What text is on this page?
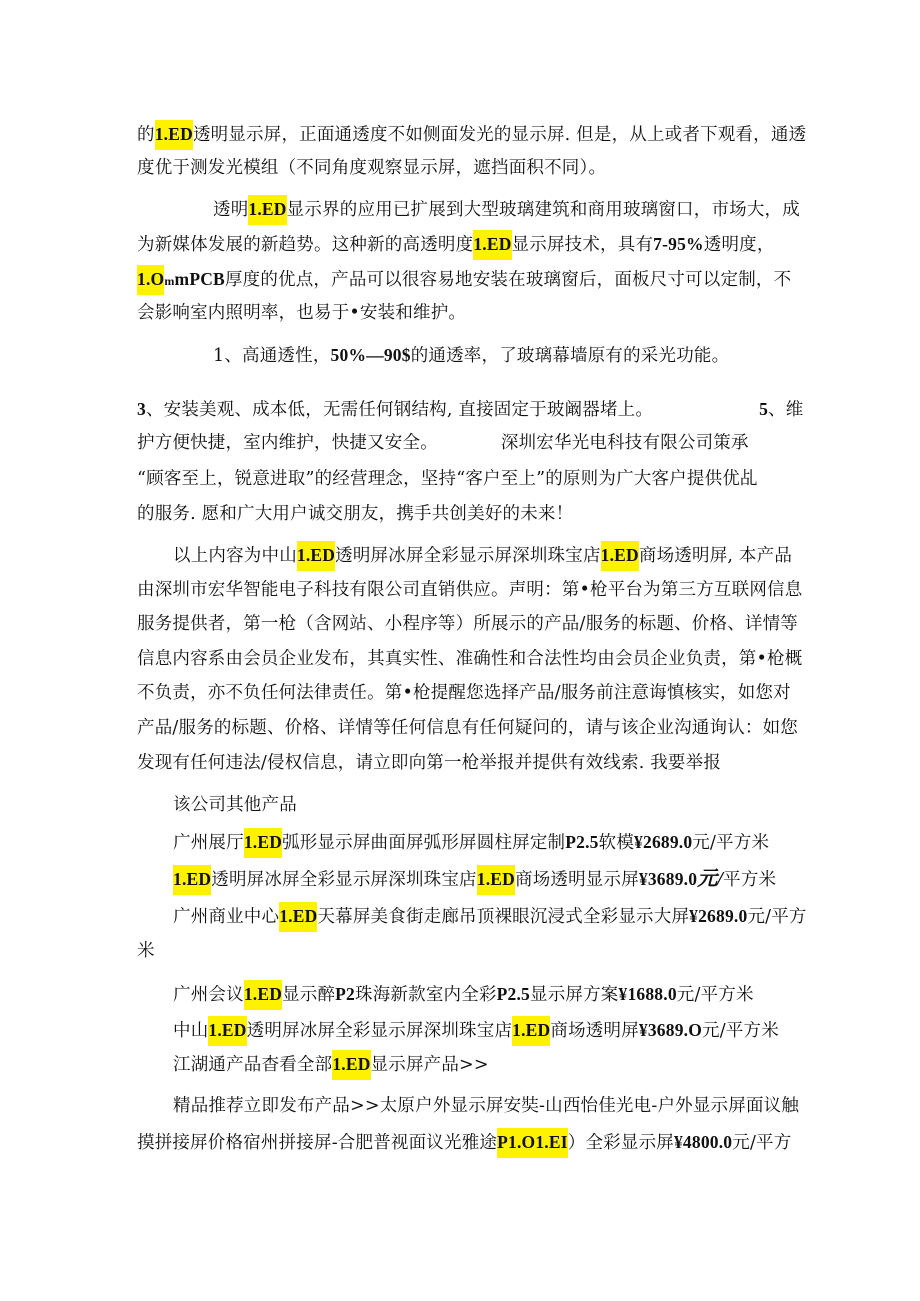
的1.ED透明显示屏，正面通透度不如侧面发光的显示屏. 但是，从上或者下观看，通透
度优于测发光模组（不同角度观察显示屏，遮挡面积不同）。
透明1.ED显示界的应用已扩展到大型玻璃建筑和商用玻璃窗口，市场大，成
为新媒体发展的新趋势。这种新的高透明度1.ED显示屏技术，具有7-95%透明度，
1.OmmPCB厚度的优点，产品可以很容易地安装在玻璃窗后，面板尺寸可以定制，不
会影响室内照明率，也易于•安装和维护。
1、高通透性，50%—90$的通透率，了玻璃幕墙原有的采光功能。
3、安装美观、成本低，无需任何钢结构, 直接固定于玻阚器堵上。	5、维
护方便快捷，室内维护，快捷又安全。	深圳宏华光电科技有限公司策承
“顾客至上，锐意进取”的经营理念，坚持“客户至上”的原则为广大客户提供优乩
的服务. 愿和广大用户诚交朋友，携手共创美好的未来！
以上内容为中山1.ED透明屏冰屏全彩显示屏深圳珠宝店1.ED商场透明屏, 本产品
由深圳市宏华智能电子科技有限公司直销供应。声明：第•枪平台为第三方互联网信息
服务提供者，第一枪（含网站、小程序等）所展示的产品/服务的标题、价格、详情等
信息内容系由会员企业发布，其真实性、准确性和合法性均由会员企业负责，第•枪概
不负责，亦不负任何法律责任。第•枪提醒您选择产品/服务前注意诲慎核实，如您对
产品/服务的标题、价格、详情等任何信息有任何疑问的，请与该企业沟通询认：如您
发现有任何违法/侵权信息，请立即向第一枪举报并提供有效线索. 我要举报
该公司其他产品
广州展厅1.ED弧形显示屏曲面屏弧形屏圆柱屏定制P2.5软模¥2689.0元/平方米
1.ED透明屏冰屏全彩显示屏深圳珠宝店1.ED商场透明显示屏¥3689.0元/平方米
广州商业中心1.ED天幕屏美食街走廊吊顶裸眼沉浸式全彩显示大屏¥2689.0元/平方
米
广州会议1.ED显示醉P2珠海新款室内全彩P2.5显示屏方案¥1688.0元/平方米
中山1.ED透明屏冰屏全彩显示屏深圳珠宝店1.ED商场透明屏¥3689.O元/平方米
江湖通产品杳看全部1.ED显示屏产品>>
精品推荐立即发布产品>>太原户外显示屏安奘-山西怡佳光电-户外显示屏面议触
摸拼接屏价格宿州拼接屏-合肥普视面议光雅途P1.O1.EI）全彩显示屏¥4800.0元/平方
